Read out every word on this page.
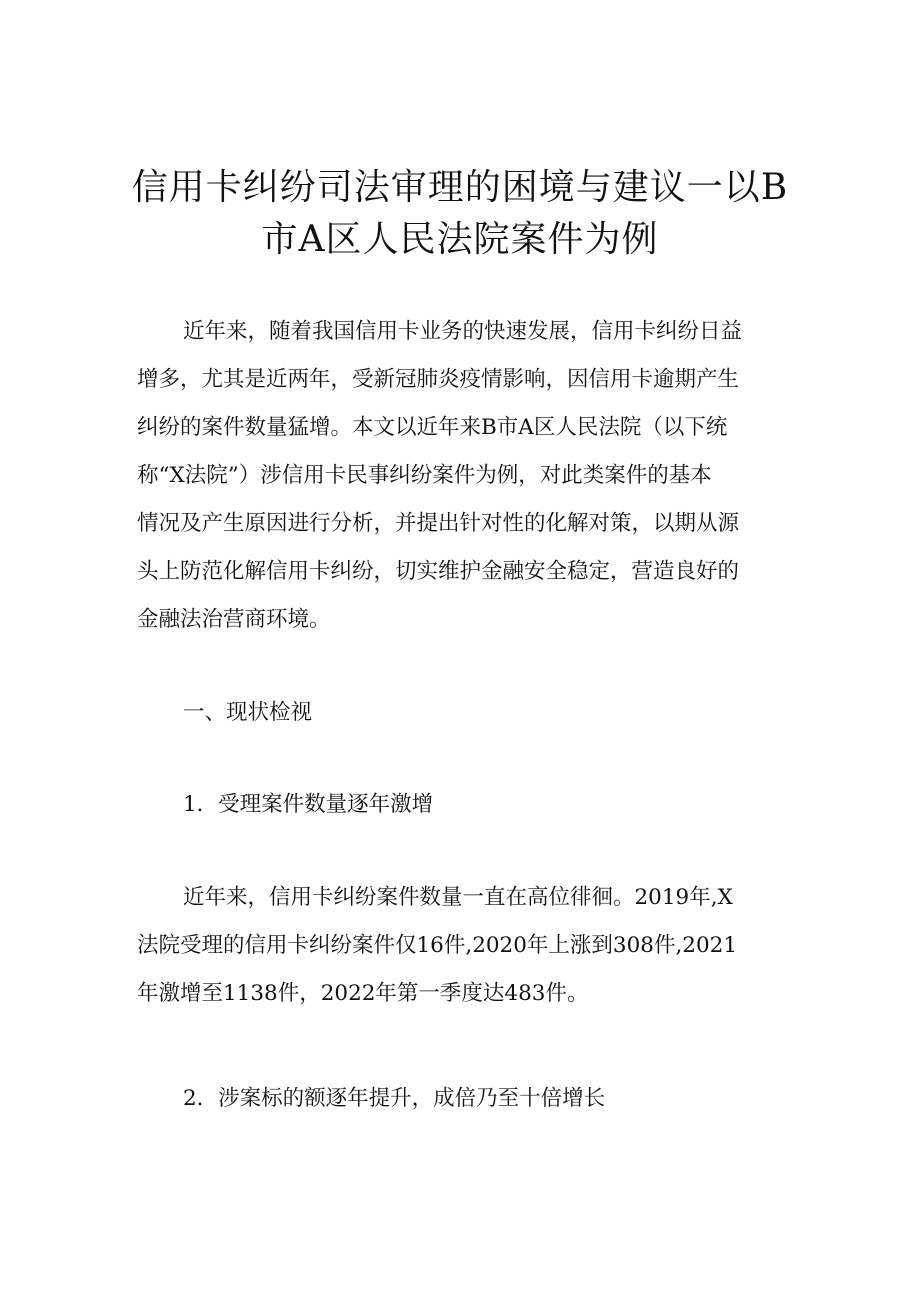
信用卡纠纷司法审理的困境与建议一以B
市A区人民法院案件为例
近年来，随着我国信用卡业务的快速发展，信用卡纠纷日益
增多，尤其是近两年，受新冠肺炎疫情影响，因信用卡逾期产生
纠纷的案件数量猛增。本文以近年来B市A区人民法院（以下统
称“X法院”）涉信用卡民事纠纷案件为例，对此类案件的基本
情况及产生原因进行分析，并提出针对性的化解对策，以期从源
头上防范化解信用卡纠纷，切实维护金融安全稳定，营造良好的
金融法治营商环境。
一、现状检视
1．受理案件数量逐年激增
近年来，信用卡纠纷案件数量一直在高位徘徊。2019年,X
法院受理的信用卡纠纷案件仅16件,2020年上涨到308件,2021
年激增至1138件，2022年第一季度达483件。
2．涉案标的额逐年提升，成倍乃至十倍增长
